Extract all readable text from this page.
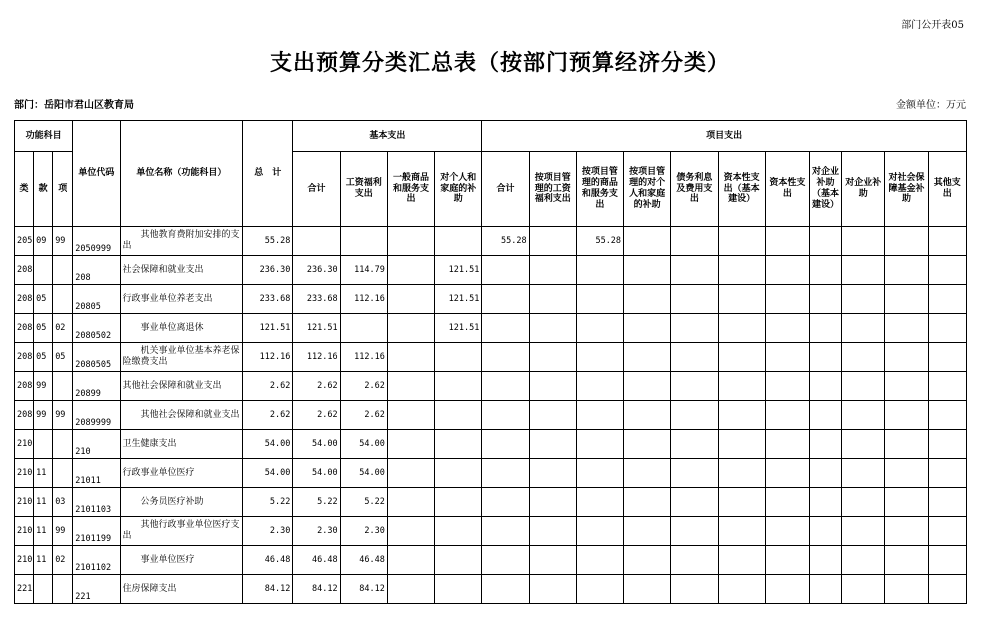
部门公开表05
支出预算分类汇总表（按部门预算经济分类）
部门：岳阳市君山区教育局	金额单位：万元
功能科目			单位代码	单位名称（功能科目）	总　计	基本支出				项目支出										
类	款	项				合计	工资福利支出	一般商品和服务支出	对个人和家庭的补助	合计	按项目管理的工资福利支出	按项目管理的商品和服务支出	按项目管理的对个人和家庭的补助	债务利息及费用支出	资本性支出（基本建设）	资本性支出	对企业补助（基本建设）	对企业补助	对社会保障基金补助	其他支出
205	09	99	2050999	其他教育费附加安排的支出	55.28					55.28		55.28								
208			208	社会保障和就业支出	236.30	236.30	114.79		121.51											
208	05		20805	行政事业单位养老支出	233.68	233.68	112.16		121.51											
208	05	02	2080502	事业单位离退休	121.51	121.51			121.51											
208	05	05	2080505	机关事业单位基本养老保险缴费支出	112.16	112.16	112.16													
208	99		20899	其他社会保障和就业支出	2.62	2.62	2.62													
208	99	99	2089999	其他社会保障和就业支出	2.62	2.62	2.62													
210			210	卫生健康支出	54.00	54.00	54.00													
210	11		21011	行政事业单位医疗	54.00	54.00	54.00													
210	11	03	2101103	公务员医疗补助	5.22	5.22	5.22													
210	11	99	2101199	其他行政事业单位医疗支出	2.30	2.30	2.30													
210	11	02	2101102	事业单位医疗	46.48	46.48	46.48													
221			221	住房保障支出	84.12	84.12	84.12													
